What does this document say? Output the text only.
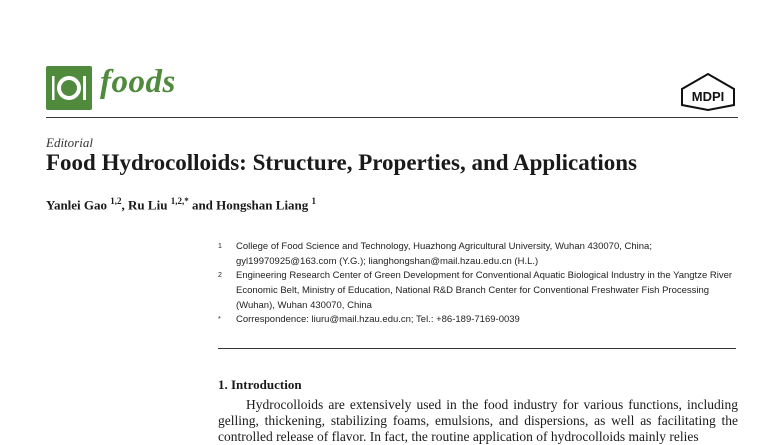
foods	MDPI
Editorial
Food Hydrocolloids: Structure, Properties, and Applications
Yanlei Gao $^{1,2}$, Ru Liu $^{1,2,*}$ and Hongshan Liang $^1$
1 College of Food Science and Technology, Huazhong Agricultural University, Wuhan 430070, China; gyl19970925@163.com (Y.G.); lianghongshan@mail.hzau.edu.cn (H.L.)
2 Engineering Research Center of Green Development for Conventional Aquatic Biological Industry in the Yangtze River Economic Belt, Ministry of Education, National R&D Branch Center for Conventional Freshwater Fish Processing (Wuhan), Wuhan 430070, China
* Correspondence: liuru@mail.hzau.edu.cn; Tel.: +86-189-7169-0039
1. Introduction

Hydrocolloids are extensively used in the food industry for various functions, including gelling, thickening, stabilizing foams, emulsions, and dispersions, as well as facilitating the controlled release of flavor. In fact, the routine application of hydrocolloids mainly relies
